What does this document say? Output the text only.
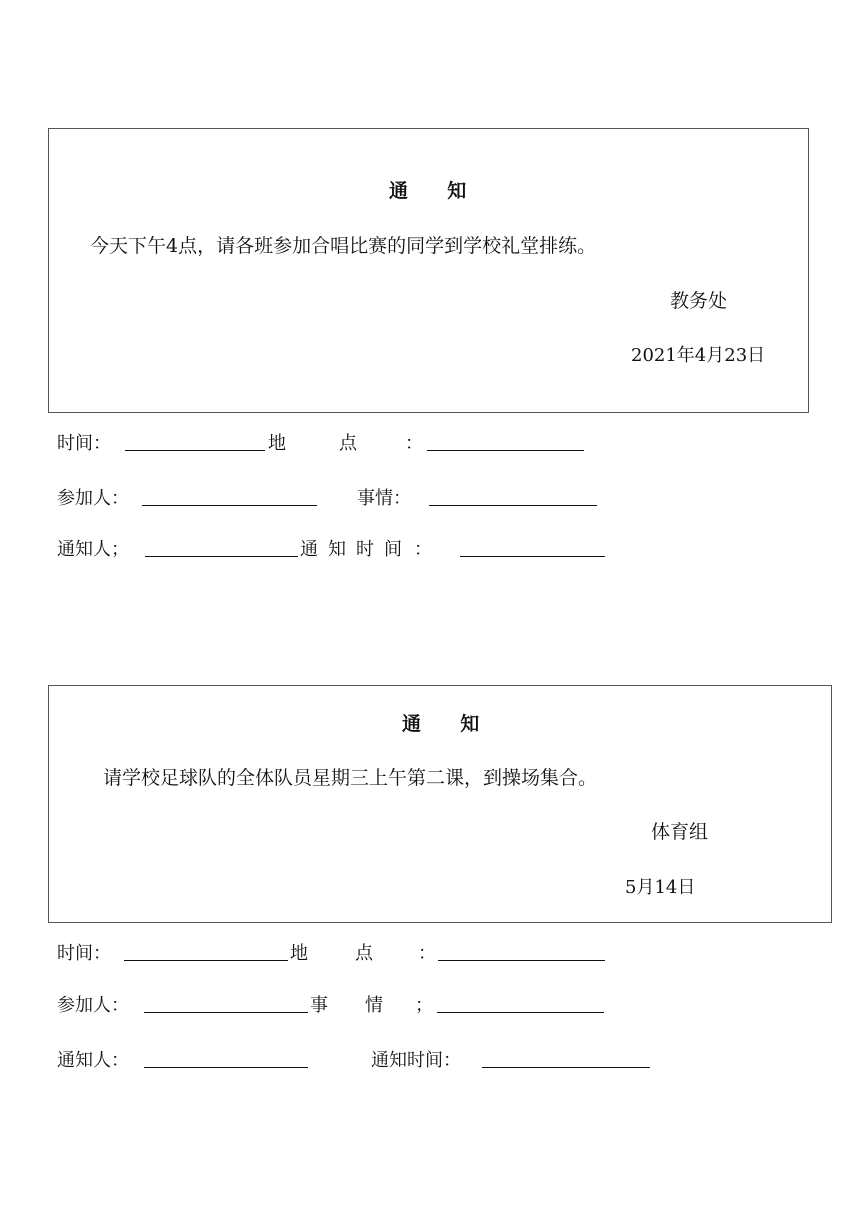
通 知
今天下午4点，请各班参加合唱比赛的同学到学校礼堂排练。
教务处
2021年4月23日
时间：	地	点	：
参加人：	事情：
通知人；	通 知 时 间 ：
通 知
请学校足球队的全体队员星期三上午第二课，到操场集合。
体育组
5月14日
时间：	地	点	：
参加人：	事 情 ；
通知人：	通知时间：
